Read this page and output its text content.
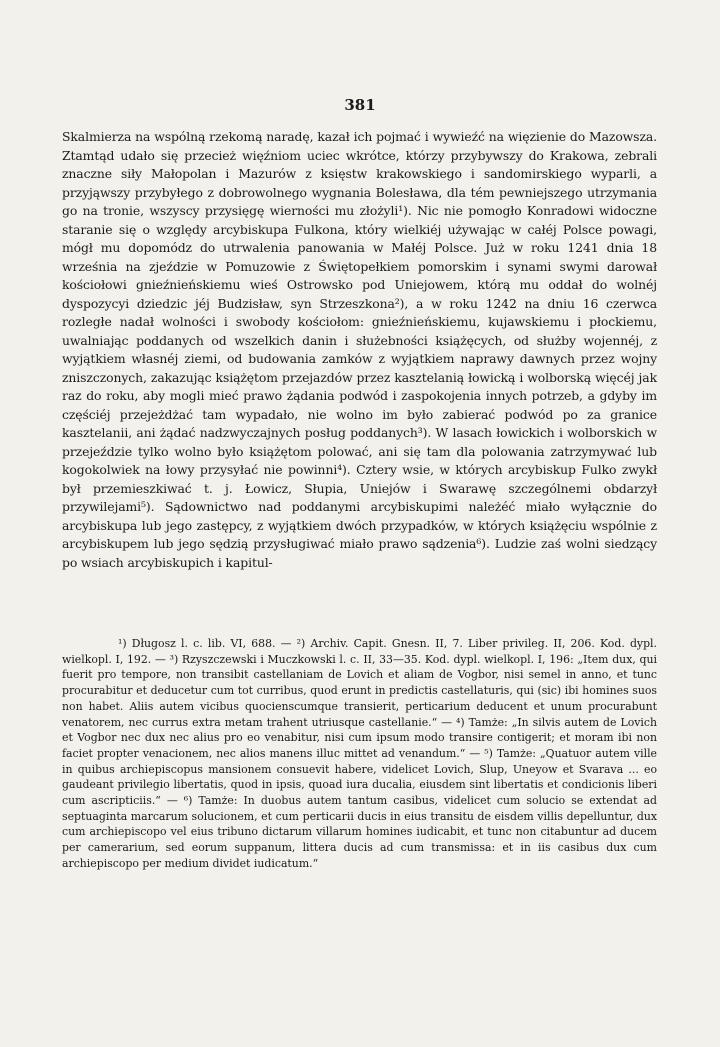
381

Skalmierza na wspólną rzekomą naradę, kazał ich pojmać i wywieźć na więzienie do Mazowsza. Ztamtąd udało się przecież więźniom uciec wkrótce, którzy przybywszy do Krakowa, zebrali znaczne siły Małopolan i Mazurów z księstw krakowskiego i sandomirskiego wyparli, a przyjąwszy przybyłego z dobrowolnego wygnania Bolesława, dla tém pewniejszego utrzymania go na tronie, wszyscy przysięgę wierności mu złożyli¹). Nic nie pomogło Konradowi widoczne staranie się o względy arcybiskupa Fulkona, który wielkiéj używając w całéj Polsce powagi, mógł mu dopomódz do utrwalenia panowania w Małéj Polsce. Już w roku 1241 dnia 18 września na zjeździe w Pomuzowie z Świętopełkiem pomorskim i synami swymi darował kościołowi gnieźnieńskiemu wieś Ostrowsko pod Uniejowem, którą mu oddał do wolnéj dyspozycyi dziedzic jéj Budzisław, syn Strzeszkona²), a w roku 1242 na dniu 16 czerwca rozległe nadał wolności i swobody kościołom: gnieźnieńskiemu, kujawskiemu i płockiemu, uwalniając poddanych od wszelkich danin i służebności książęcych, od służby wojennéj, z wyjątkiem własnéj ziemi, od budowania zamków z wyjątkiem naprawy dawnych przez wojny zniszczonych, zakazując książętom przejazdów przez kasztelanią łowicką i wolborską więcéj jak raz do roku, aby mogli mieć prawo żądania podwód i zaspokojenia innych potrzeb, a gdyby im częściéj przejeżdżać tam wypadało, nie wolno im było zabierać podwód po za granice kasztelanii, ani żądać nadzwyczajnych posług poddanych³). W lasach łowickich i wolborskich w przejeździe tylko wolno było książętom polować, ani się tam dla polowania zatrzymywać lub kogokolwiek na łowy przysyłać nie powinni⁴). Cztery wsie, w których arcybiskup Fulko zwykł był przemieszkiwać t. j. Łowicz, Słupia, Uniejów i Swarawę szczególnemi obdarzył przywilejami⁵). Sądownictwo nad poddanymi arcybiskupimi należéć miało wyłącznie do arcybiskupa lub jego zastępcy, z wyjątkiem dwóch przypadków, w których książęciu wspólnie z arcybiskupem lub jego sędzią przysługiwać miało prawo sądzenia⁶). Ludzie zaś wolni siedzący po wsiach arcybiskupich i kapitul-

¹) Długosz l. c. lib. VI, 688. — ²) Archiv. Capit. Gnesn. II, 7. Liber privileg. II, 206. Kod. dypl. wielkopl. I, 192. — ³) Rzyszczewski i Muczkowski l. c. II, 33—35. Kod. dypl. wielkopl. I, 196: „Item dux, qui fuerit pro tempore, non transibit castellaniam de Lovich et aliam de Vogbor, nisi semel in anno, et tunc procurabitur et deducetur cum tot curribus, quod erunt in predictis castellaturis, qui (sic) ibi homines suos non habet. Aliis autem vicibus quocienscumque transierit, perticarium deducent et unum procurabunt venatorem, nec currus extra metam trahent utriusque castellanie.“ — ⁴) Tamże: „In silvis autem de Lovich et Vogbor nec dux nec alius pro eo venabitur, nisi cum ipsum modo transire contigerit; et moram ibi non faciet propter venacionem, nec alios manens illuc mittet ad venandum.“ — ⁵) Tamże: „Quatuor autem ville in quibus archiepiscopus mansionem consuevit habere, videlicet Lovich, Slup, Uneyow et Svarava ... eo gaudeant privilegio libertatis, quod in ipsis, quoad iura ducalia, eiusdem sint libertatis et condicionis liberi cum ascripticiis.“ — ⁶) Tamże: In duobus autem tantum casibus, videlicet cum solucio se extendat ad septuaginta marcarum solucionem, et cum perticarii ducis in eius transitu de eisdem villis depelluntur, dux cum archiepiscopo vel eius tribuno dictarum villarum homines iudicabit, et tunc non citabuntur ad ducem per camerarium, sed eorum suppanum, littera ducis ad cum transmissa: et in iis casibus dux cum archiepiscopo per medium dividet iudicatum.“
